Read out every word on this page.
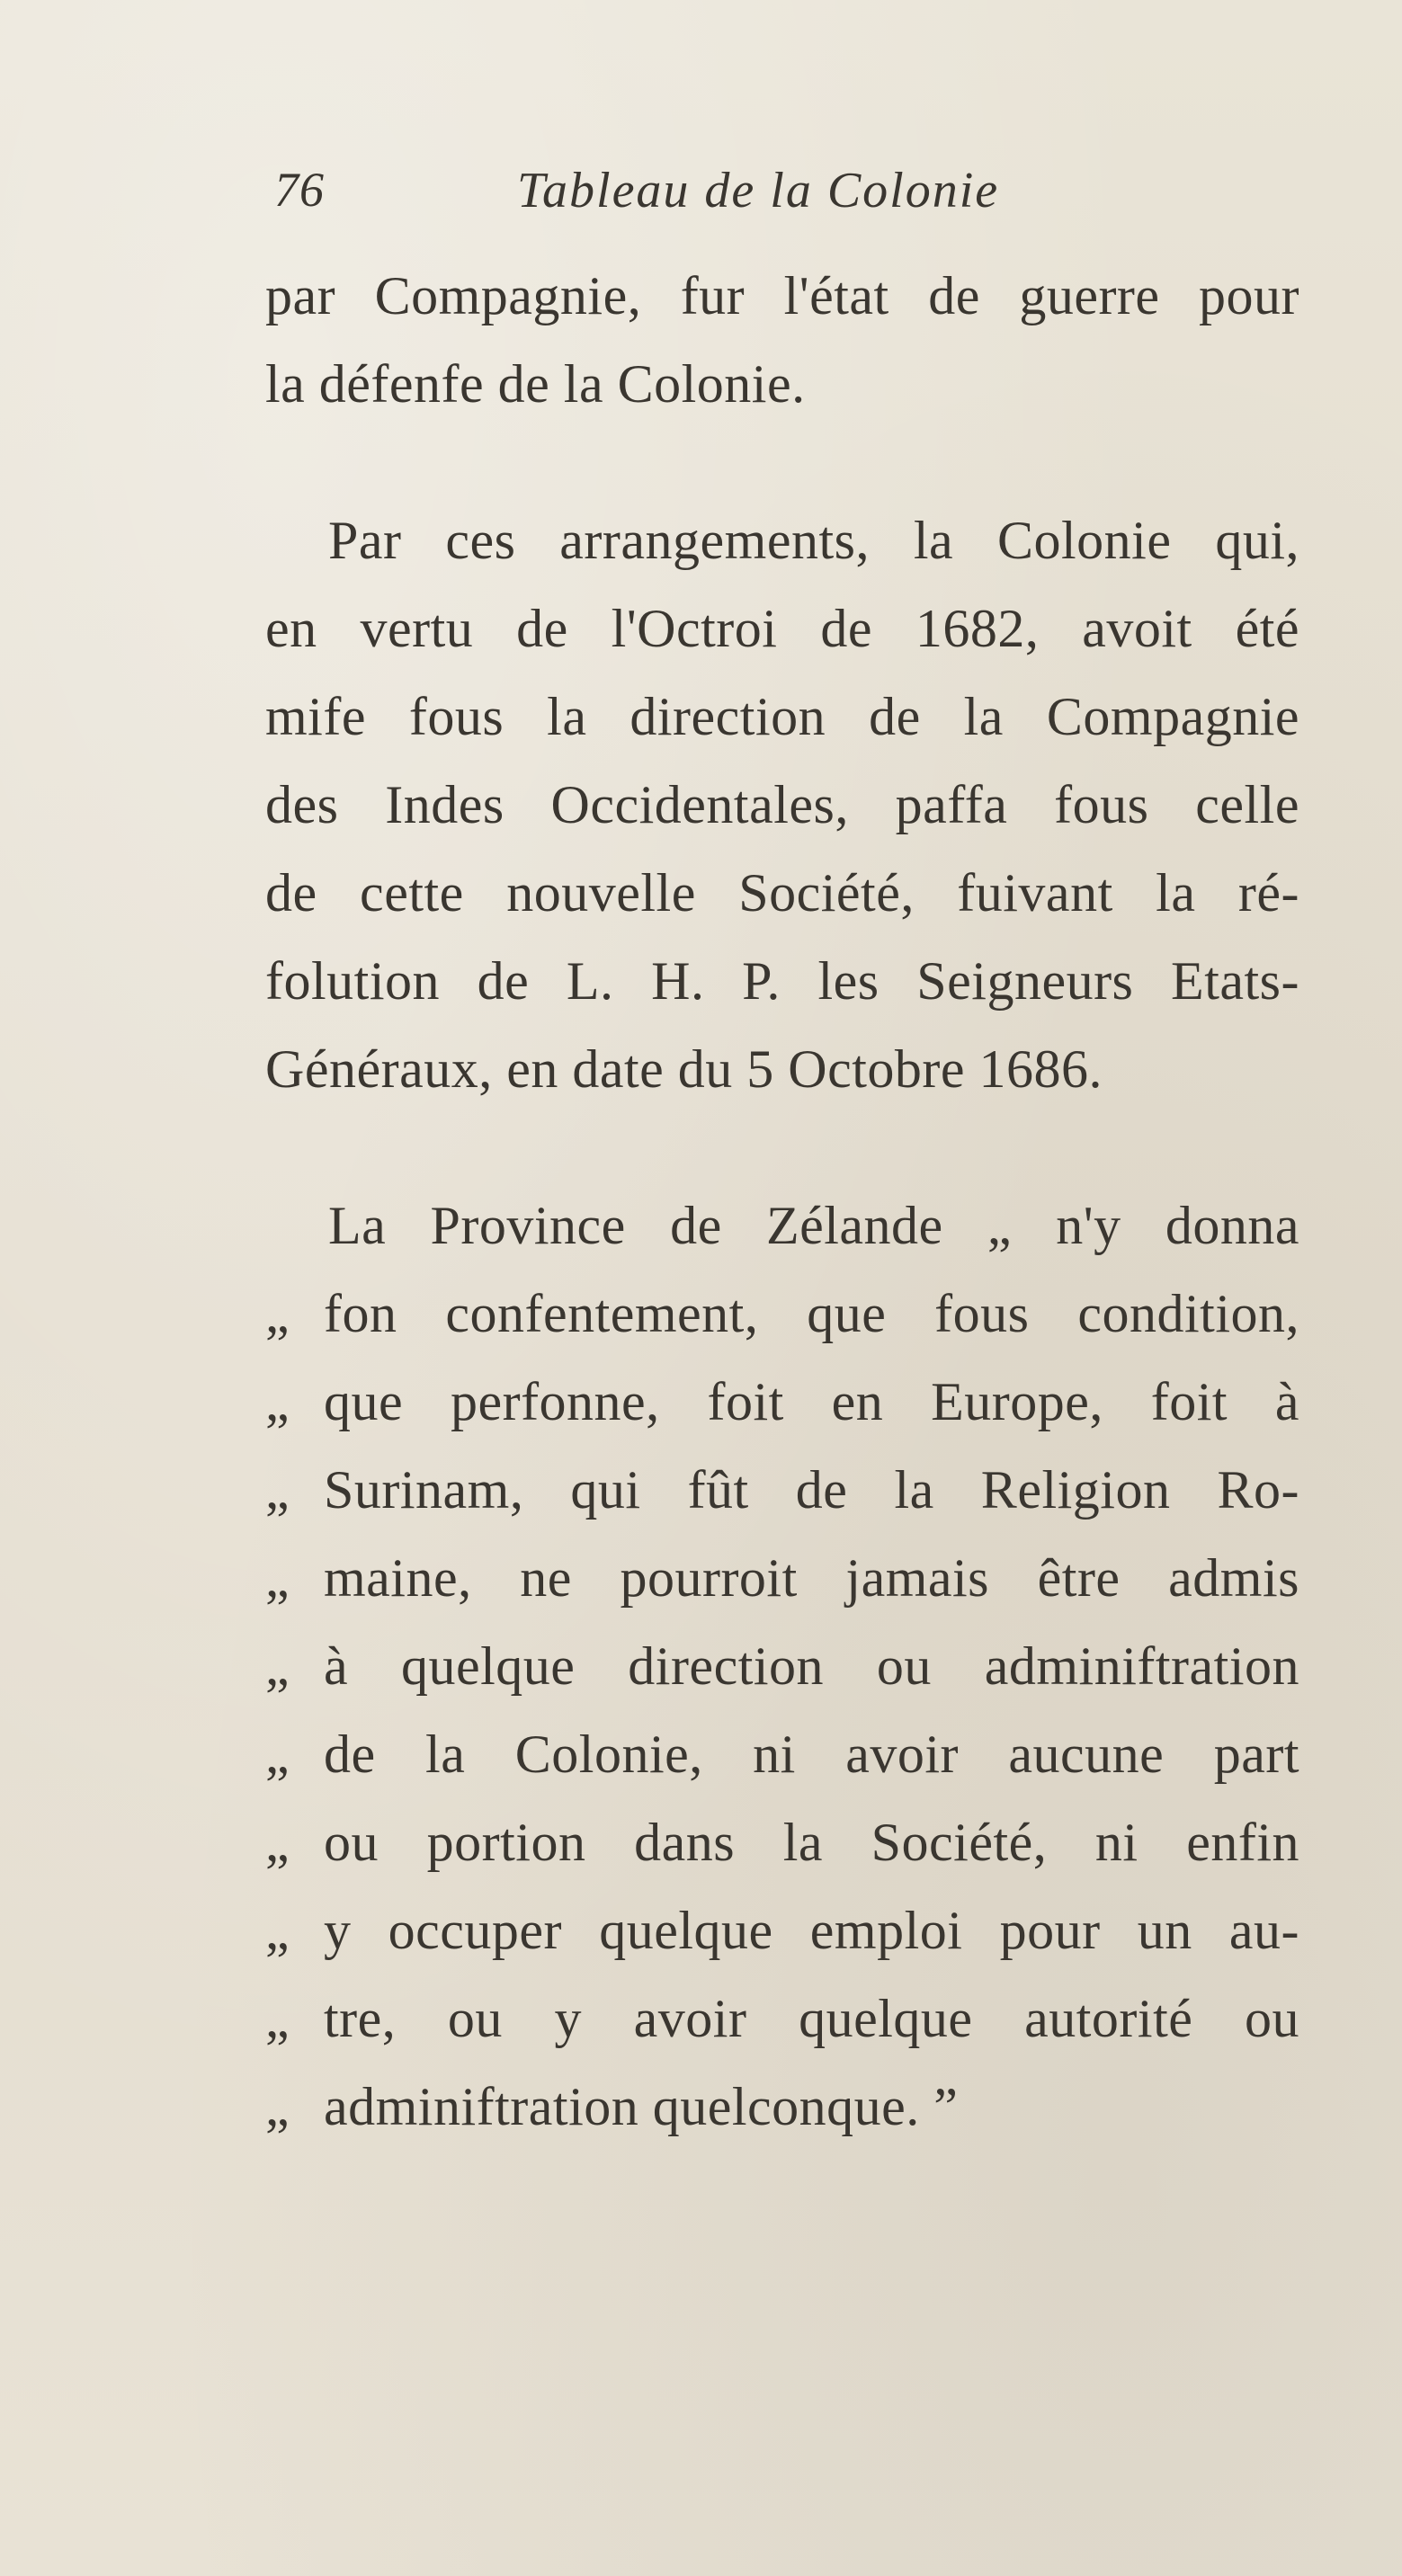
76	Tableau de la Colonie
par Compagnie, fur l'état de guerre pour
la défenfe de la Colonie.
Par ces arrangements, la Colonie qui,
en vertu de l'Octroi de 1682, avoit été
mife fous la direction de la Compagnie
des Indes Occidentales, paffa fous celle
de cette nouvelle Société, fuivant la ré-
folution de L. H. P. les Seigneurs Etats-
Généraux, en date du 5 Octobre 1686.
La Province de Zélande „ n'y donna
„ fon confentement, que fous condition,
„ que perfonne, foit en Europe, foit à
„ Surinam, qui fût de la Religion Ro-
„ maine, ne pourroit jamais être admis
„ à quelque direction ou adminiftration
„ de la Colonie, ni avoir aucune part
„ ou portion dans la Société, ni enfin
„ y occuper quelque emploi pour un au-
„ tre, ou y avoir quelque autorité ou
„ adminiftration quelconque. ”
